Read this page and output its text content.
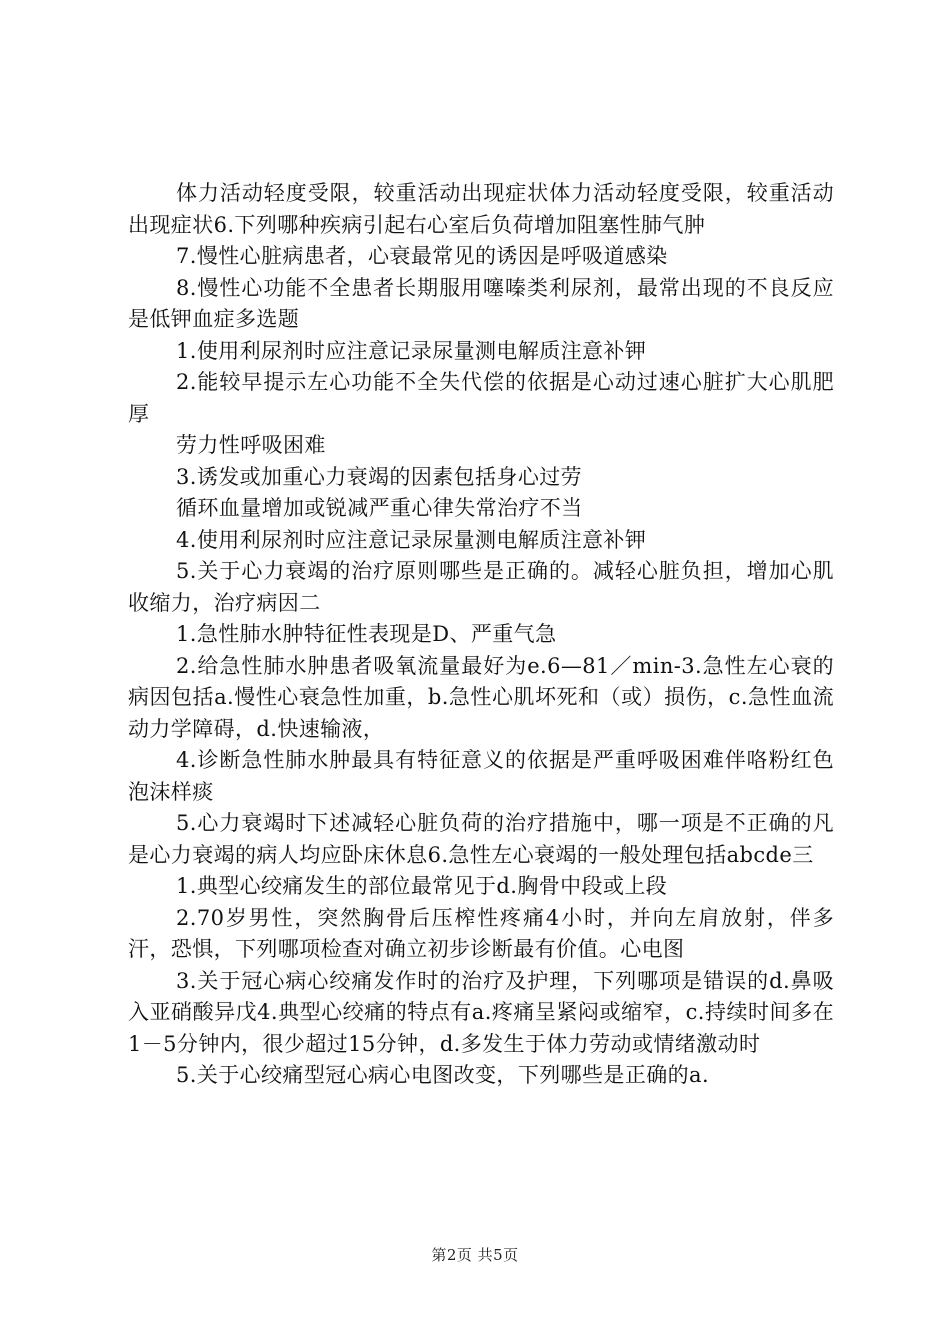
体力活动轻度受限，较重活动出现症状体力活动轻度受限，较重活动出现症状6.下列哪种疾病引起右心室后负荷增加阻塞性肺气肿

7.慢性心脏病患者，心衰最常见的诱因是呼吸道感染

8.慢性心功能不全患者长期服用噻嗪类利尿剂，最常出现的不良反应是低钾血症多选题

1.使用利尿剂时应注意记录尿量测电解质注意补钾

2.能较早提示左心功能不全失代偿的依据是心动过速心脏扩大心肌肥厚

劳力性呼吸困难

3.诱发或加重心力衰竭的因素包括身心过劳

循环血量增加或锐减严重心律失常治疗不当

4.使用利尿剂时应注意记录尿量测电解质注意补钾

5.关于心力衰竭的治疗原则哪些是正确的。减轻心脏负担，增加心肌收缩力，治疗病因二

1.急性肺水肿特征性表现是D、严重气急

2.给急性肺水肿患者吸氧流量最好为e.6—81／min-3.急性左心衰的病因包括a.慢性心衰急性加重，b.急性心肌坏死和（或）损伤，c.急性血流动力学障碍，d.快速输液，

4.诊断急性肺水肿最具有特征意义的依据是严重呼吸困难伴咯粉红色泡沫样痰

5.心力衰竭时下述减轻心脏负荷的治疗措施中，哪一项是不正确的凡是心力衰竭的病人均应卧床休息6.急性左心衰竭的一般处理包括abcde三

1.典型心绞痛发生的部位最常见于d.胸骨中段或上段

2.70岁男性，突然胸骨后压榨性疼痛4小时，并向左肩放射，伴多汗，恐惧，下列哪项检查对确立初步诊断最有价值。心电图

3.关于冠心病心绞痛发作时的治疗及护理，下列哪项是错误的d.鼻吸入亚硝酸异戊4.典型心绞痛的特点有a.疼痛呈紧闷或缩窄，c.持续时间多在1－5分钟内，很少超过15分钟，d.多发生于体力劳动或情绪激动时

5.关于心绞痛型冠心病心电图改变，下列哪些是正确的a.

第2页 共5页
